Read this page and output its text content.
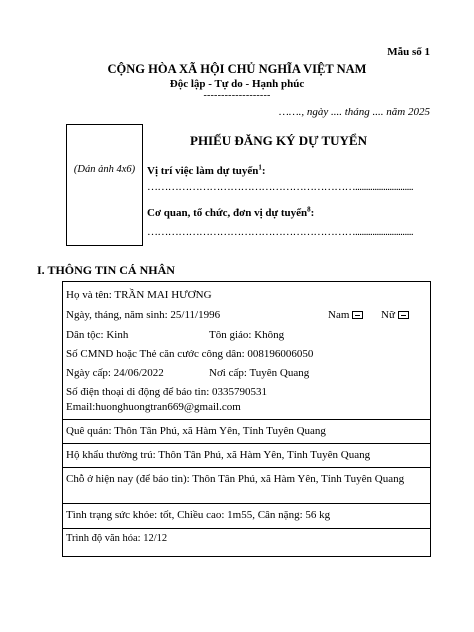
Mẫu số 1
CỘNG HÒA XÃ HỘI CHỦ NGHĨA VIỆT NAM
Độc lập - Tự do - Hạnh phúc
-------------------
……., ngày .... tháng .... năm 2025
(Dán ảnh 4x6)
PHIẾU ĐĂNG KÝ DỰ TUYỂN
Vị trí việc làm dự tuyển$^1$:
……………………………………………………...........................
Cơ quan, tổ chức, đơn vị dự tuyển$^8$:
……………………………………………………...........................
I. THÔNG TIN CÁ NHÂN
Họ và tên: TRẦN MAI HƯƠNG
Ngày, tháng, năm sinh: 25/11/1996	Nam	Nữ
Dân tộc: Kinh	Tôn giáo: Không
Số CMND hoặc Thẻ căn cước công dân: 008196006050
Ngày cấp: 24/06/2022	Nơi cấp: Tuyên Quang
Số điện thoại di động để báo tin: 0335790531
Email:huonghuongtran669@gmail.com
Quê quán: Thôn Tân Phú, xã Hàm Yên, Tỉnh Tuyên Quang
Hộ khẩu thường trú: Thôn Tân Phú, xã Hàm Yên, Tỉnh Tuyên Quang
Chỗ ở hiện nay (để báo tin): Thôn Tân Phú, xã Hàm Yên, Tỉnh Tuyên Quang
Tình trạng sức khỏe: tốt, Chiều cao: 1m55, Cân nặng: 56 kg
Trình độ văn hóa: 12/12
